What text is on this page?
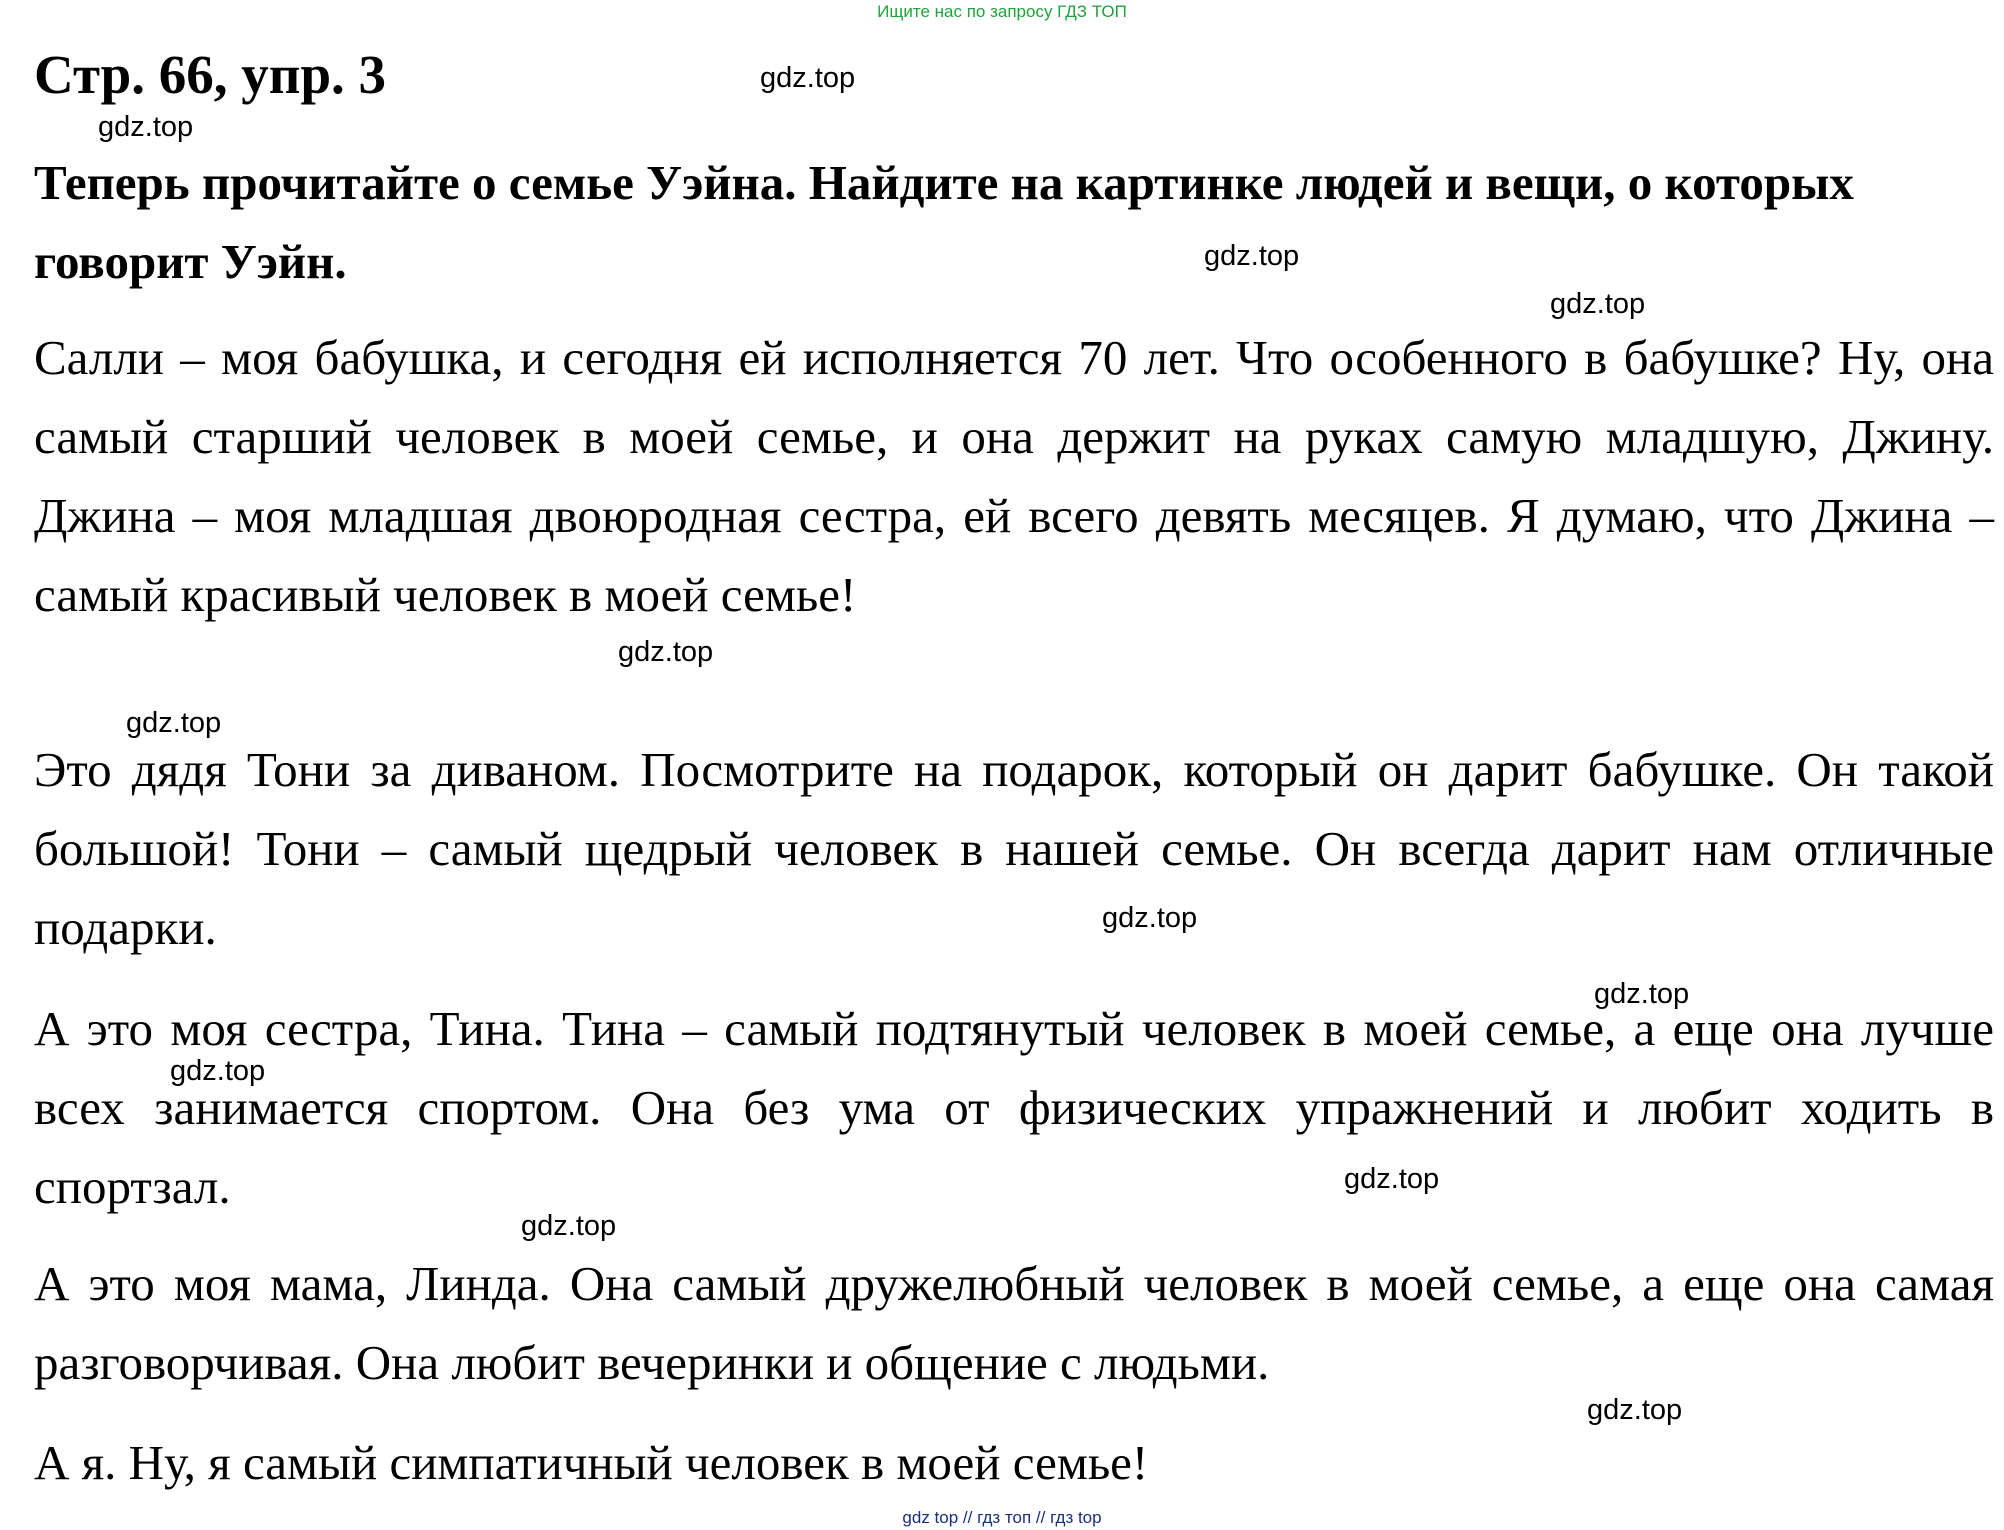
Ищите нас по запросу ГДЗ ТОП
Стр. 66, упр. 3

Теперь прочитайте о семье Уэйна. Найдите на картинке людей и вещи, о которых говорит Уэйн.

Салли – моя бабушка, и сегодня ей исполняется 70 лет. Что особенного в бабушке? Ну, она самый старший человек в моей семье, и она держит на руках самую младшую, Джину. Джина – моя младшая двоюродная сестра, ей всего девять месяцев. Я думаю, что Джина – самый красивый человек в моей семье!

Это дядя Тони за диваном. Посмотрите на подарок, который он дарит бабушке. Он такой большой! Тони – самый щедрый человек в нашей семье. Он всегда дарит нам отличные подарки.

А это моя сестра, Тина. Тина – самый подтянутый человек в моей семье, а еще она лучше всех занимается спортом. Она без ума от физических упражнений и любит ходить в спортзал.

А это моя мама, Линда. Она самый дружелюбный человек в моей семье, а еще она самая разговорчивая. Она любит вечеринки и общение с людьми.

А я. Ну, я самый симпатичный человек в моей семье!

gdz.top
gdz.top
gdz.top
gdz.top
gdz.top
gdz.top
gdz.top
gdz.top
gdz.top
gdz.top
gdz.top
gdz.top
gdz top // гдз топ // гдз top
